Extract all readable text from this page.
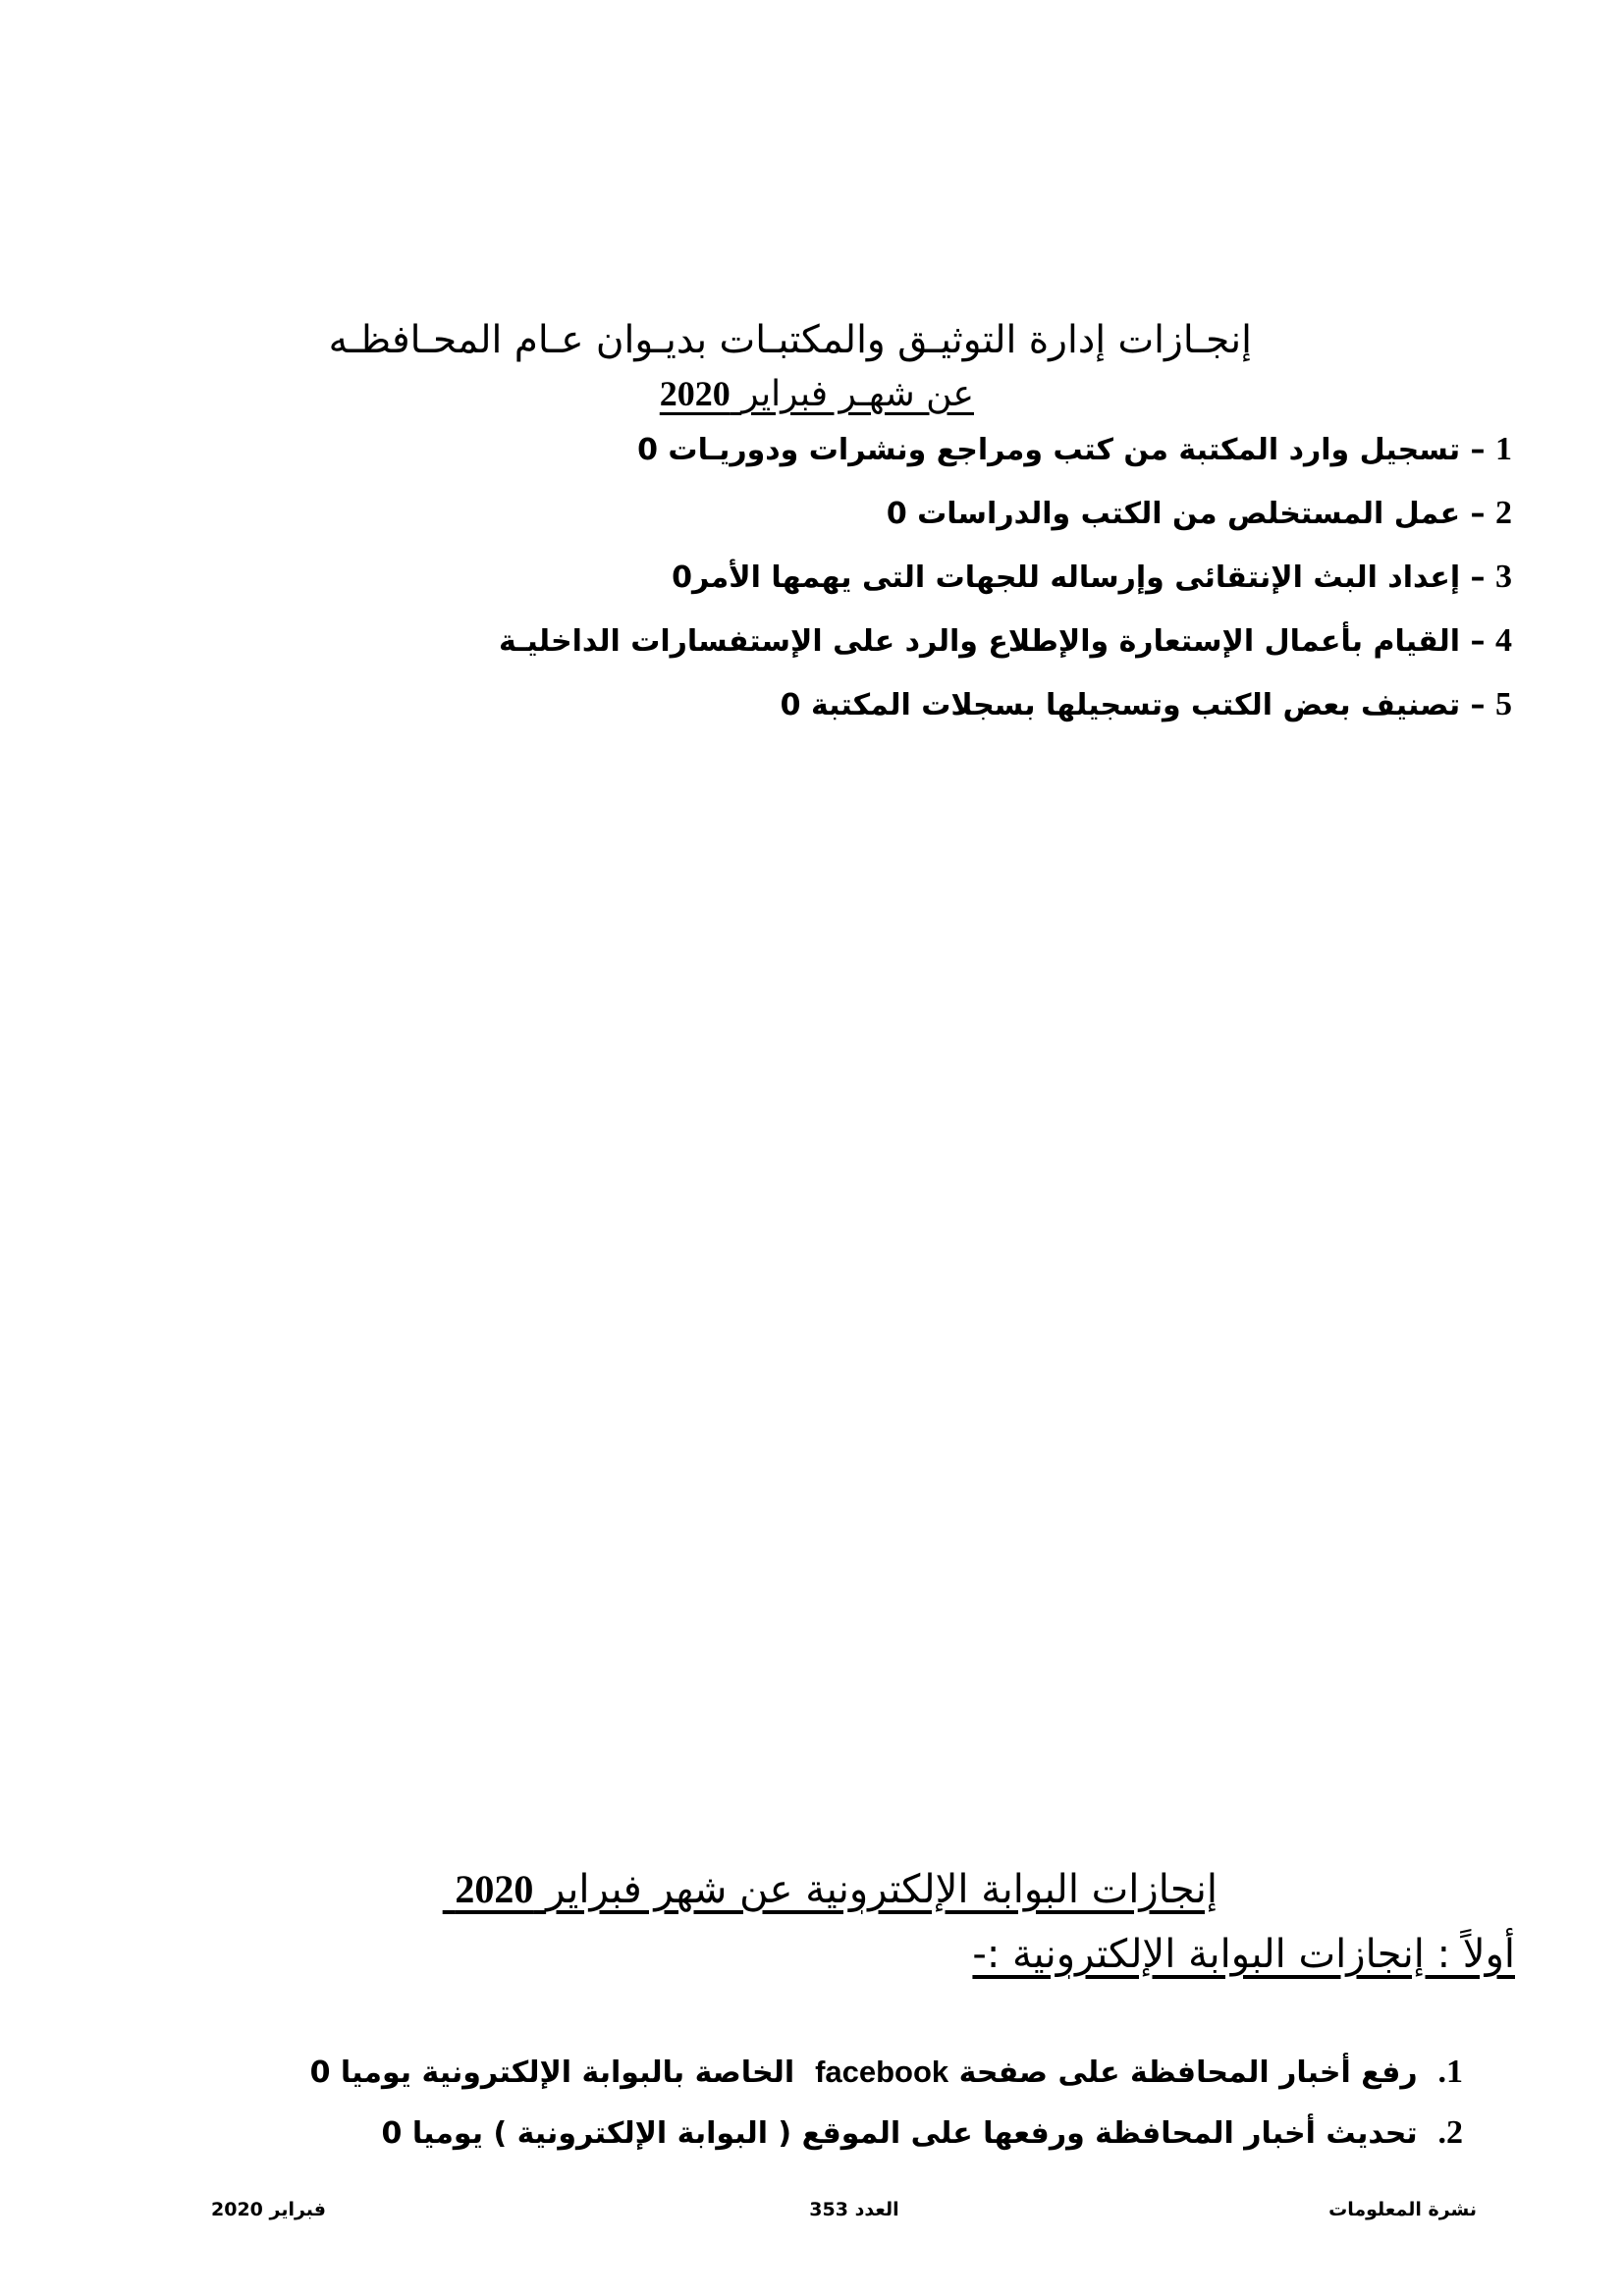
إنجـازات إدارة التوثيـق والمكتبـات بديـوان عـام المحـافظـه
عن شهـر فبراير 2020
1 – تسجيل وارد المكتبة من كتب ومراجع ونشرات ودوريـات 0
2 – عمل المستخلص من الكتب والدراسات 0
3 – إعداد البث الإنتقائى وإرساله للجهات التى يهمها الأمر0
4 – القيام بأعمال الإستعارة والإطلاع والرد على الإستفسارات الداخليـة
5 – تصنيف بعض الكتب وتسجيلها بسجلات المكتبة 0
إنجازات البوابة الإلكترونية عن شهر فبراير 2020
أولاً : إنجازات البوابة الإلكترونية :-
1.  رفع أخبار المحافظة على صفحة facebook  الخاصة بالبوابة الإلكترونية يوميا 0
2.  تحديث أخبار المحافظة ورفعها على الموقع ( البوابة الإلكترونية ) يوميا 0
نشرة المعلومات
العدد 353
فبراير 2020
